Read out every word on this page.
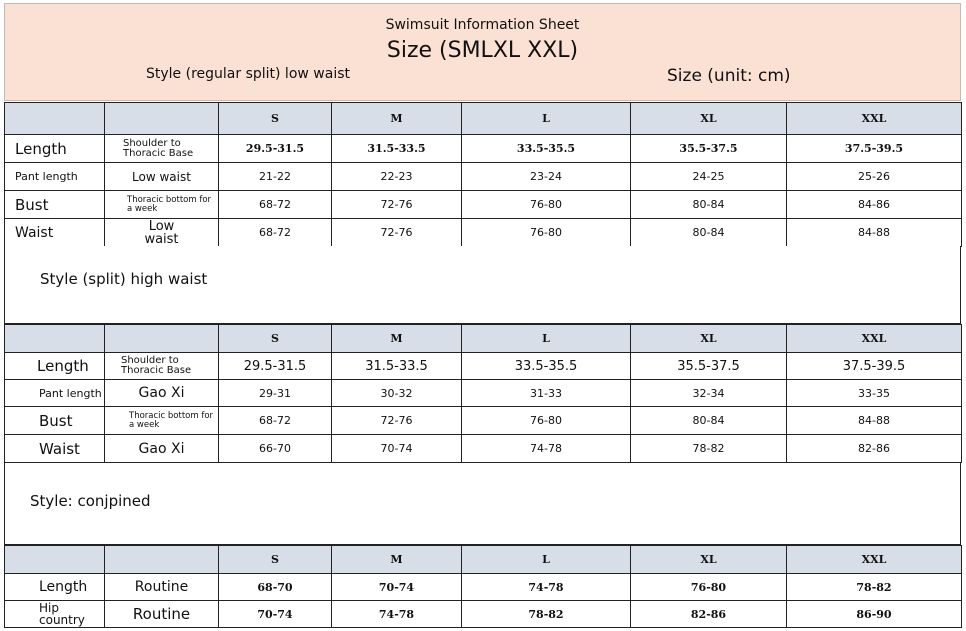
Swimsuit Information Sheet
Size (SMLXL XXL)
Style (regular split) low waist	Size (unit: cm)
		S	M	L	XL	XXL
Length	Shoulder to Thoracic Base	29.5-31.5	31.5-33.5	33.5-35.5	35.5-37.5	37.5-39.5
Pant length	Low waist	21-22	22-23	23-24	24-25	25-26
Bust	Thoracic bottom for a week	68-72	72-76	76-80	80-84	84-86
Waist	Low waist	68-72	72-76	76-80	80-84	84-88
Style (split) high waist
		S	M	L	XL	XXL
Length	Shoulder to Thoracic Base	29.5-31.5	31.5-33.5	33.5-35.5	35.5-37.5	37.5-39.5
Pant length	Gao Xi	29-31	30-32	31-33	32-34	33-35
Bust	Thoracic bottom for a week	68-72	72-76	76-80	80-84	84-88
Waist	Gao Xi	66-70	70-74	74-78	78-82	82-86
Style: conjpined
		S	M	L	XL	XXL
Length	Routine	68-70	70-74	74-78	76-80	78-82
Hip country	Routine	70-74	74-78	78-82	82-86	86-90
